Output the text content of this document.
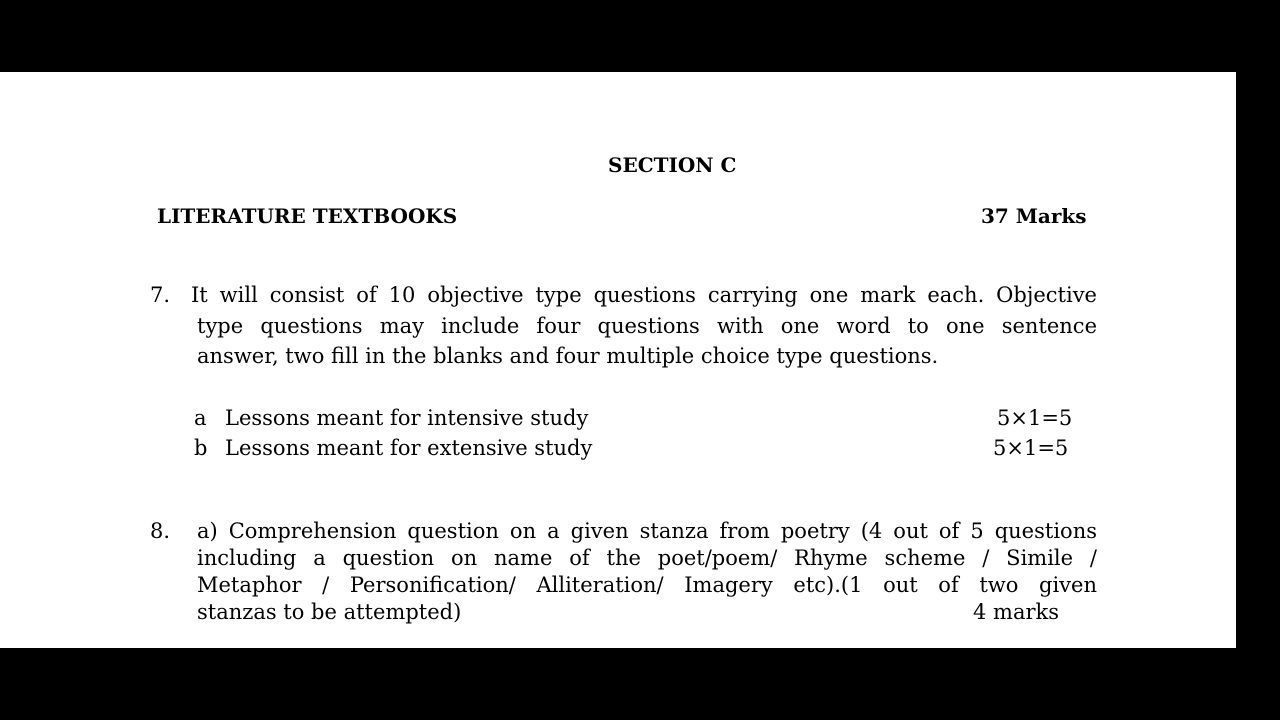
SECTION C
LITERATURE TEXTBOOKS	37 Marks
7. It will consist of 10 objective type questions carrying one mark each. Objective
type questions may include four questions with one word to one sentence
answer, two fill in the blanks and four multiple choice type questions.
a Lessons meant for intensive study	5×1=5
b Lessons meant for extensive study	5×1=5
8. a) Comprehension question on a given stanza from poetry (4 out of 5 questions
including a question on name of the poet/poem/ Rhyme scheme / Simile /
Metaphor / Personification/ Alliteration/ Imagery etc).(1 out of two given
stanzas to be attempted)	4 marks
